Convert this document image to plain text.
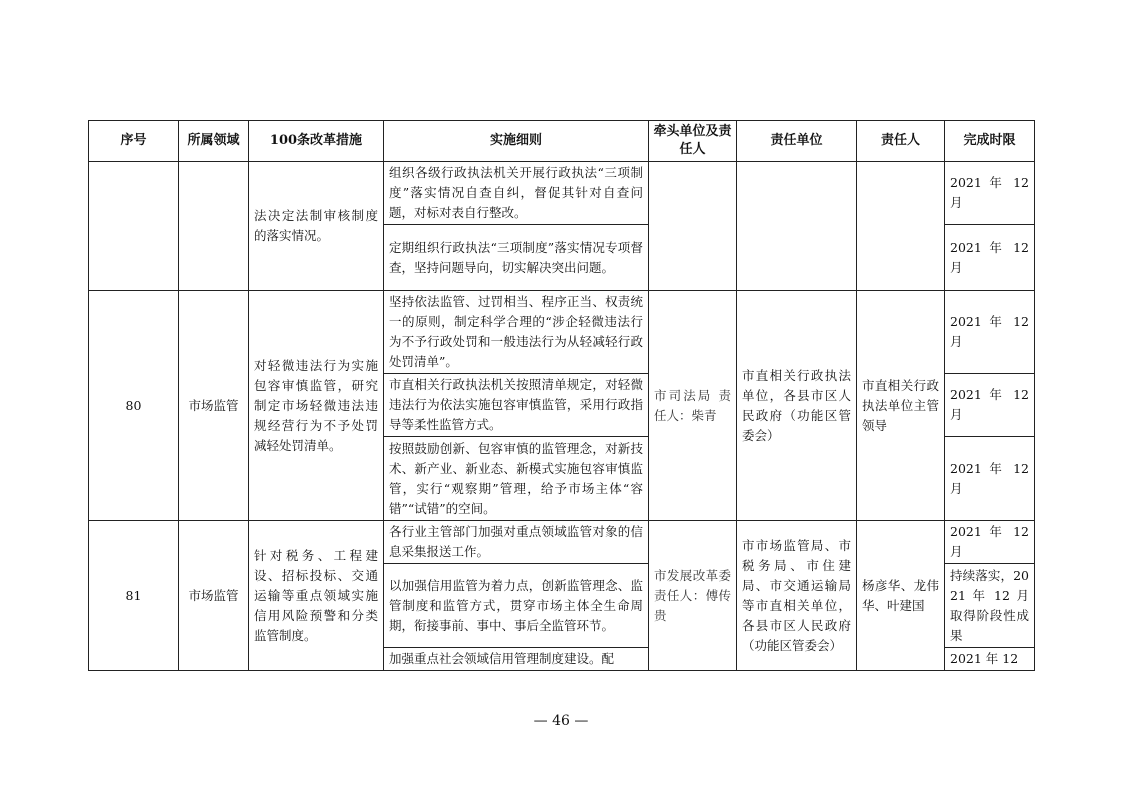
序号	所属领域	100条改革措施	实施细则	牵头单位及责任人	责任单位	责任人	完成时限

		法决定法制审核制度的落实情况。	组织各级行政执法机关开展行政执法“三项制度”落实情况自查自纠，督促其针对自查问题，对标对表自行整改。				2021 年 12 月

			定期组织行政执法“三项制度”落实情况专项督查，坚持问题导向，切实解决突出问题。				2021 年 12 月

80	市场监管	对轻微违法行为实施包容审慎监管，研究制定市场轻微违法违规经营行为不予处罚减轻处罚清单。	坚持依法监管、过罚相当、程序正当、权责统一的原则，制定科学合理的“涉企轻微违法行为不予行政处罚和一般违法行为从轻减轻行政处罚清单”。	市司法局 责任人：柴青	市直相关行政执法单位，各县市区人民政府（功能区管委会）	市直相关行政执法单位主管领导	2021 年 12 月

			市直相关行政执法机关按照清单规定，对轻微违法行为依法实施包容审慎监管，采用行政指导等柔性监管方式。				2021 年 12 月

			按照鼓励创新、包容审慎的监管理念，对新技术、新产业、新业态、新模式实施包容审慎监管，实行“观察期”管理，给予市场主体“容错”“试错”的空间。				2021 年 12 月

81	市场监管	针对税务、工程建设、招标投标、交通运输等重点领域实施信用风险预警和分类监管制度。	各行业主管部门加强对重点领域监管对象的信息采集报送工作。	市发展改革委 责任人：傅传贵	市市场监管局、市税务局、市住建局、市交通运输局等市直相关单位，各县市区人民政府（功能区管委会）	杨彦华、龙伟华、叶建国	2021 年 12 月

			以加强信用监管为着力点，创新监管理念、监管制度和监管方式，贯穿市场主体全生命周期，衔接事前、事中、事后全监管环节。				持续落实，2021 年 12 月取得阶段性成果

			加强重点社会领域信用管理制度建设。配				2021 年 12
— 46 —
